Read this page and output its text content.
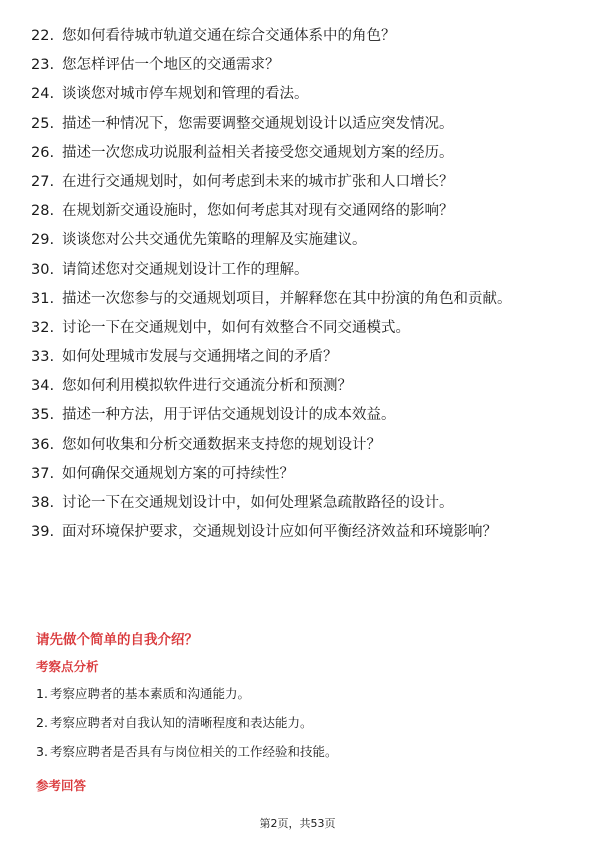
22. 您如何看待城市轨道交通在综合交通体系中的角色？
23. 您怎样评估一个地区的交通需求？
24. 谈谈您对城市停车规划和管理的看法。
25. 描述一种情况下，您需要调整交通规划设计以适应突发情况。
26. 描述一次您成功说服利益相关者接受您交通规划方案的经历。
27. 在进行交通规划时，如何考虑到未来的城市扩张和人口增长？
28. 在规划新交通设施时，您如何考虑其对现有交通网络的影响？
29. 谈谈您对公共交通优先策略的理解及实施建议。
30. 请简述您对交通规划设计工作的理解。
31. 描述一次您参与的交通规划项目，并解释您在其中扮演的角色和贡献。
32. 讨论一下在交通规划中，如何有效整合不同交通模式。
33. 如何处理城市发展与交通拥堵之间的矛盾？
34. 您如何利用模拟软件进行交通流分析和预测？
35. 描述一种方法，用于评估交通规划设计的成本效益。
36. 您如何收集和分析交通数据来支持您的规划设计？
37. 如何确保交通规划方案的可持续性？
38. 讨论一下在交通规划设计中，如何处理紧急疏散路径的设计。
39. 面对环境保护要求，交通规划设计应如何平衡经济效益和环境影响？
请先做个简单的自我介绍？
考察点分析
1. 考察应聘者的基本素质和沟通能力。
2. 考察应聘者对自我认知的清晰程度和表达能力。
3. 考察应聘者是否具有与岗位相关的工作经验和技能。
参考回答
第2页，共53页
